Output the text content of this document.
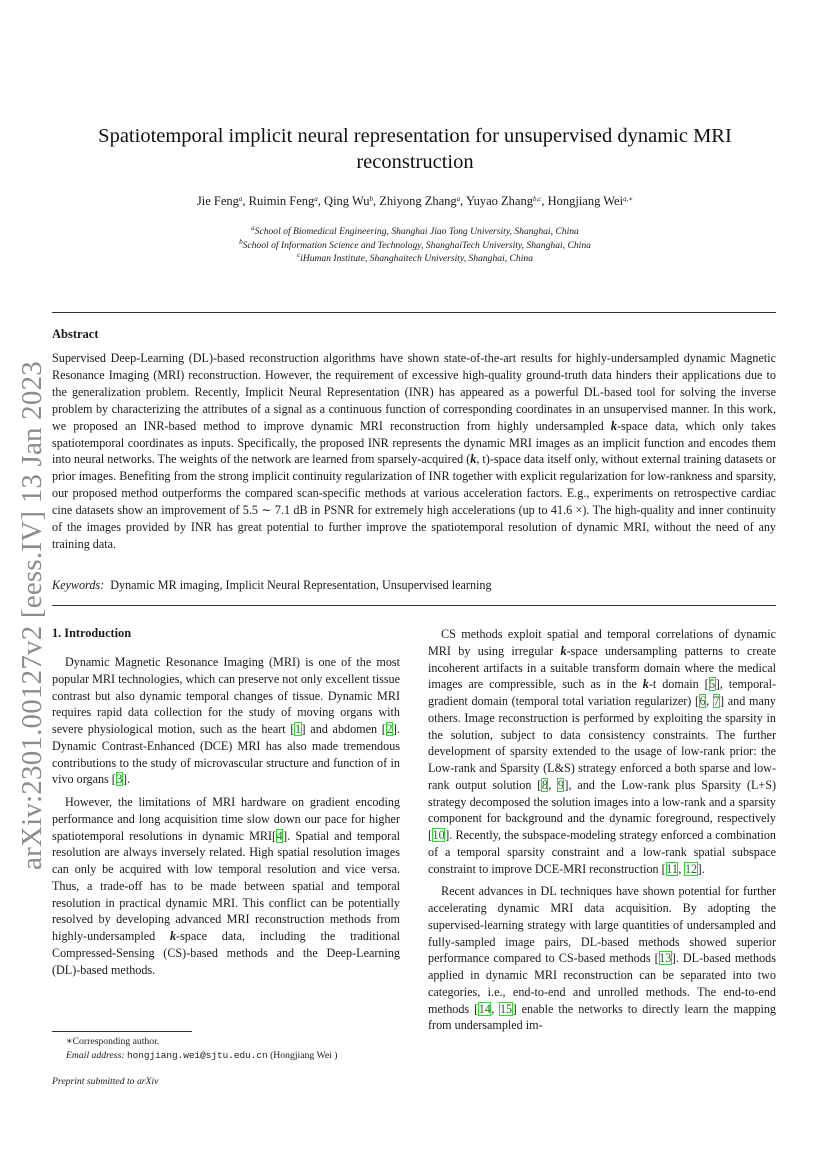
arXiv:2301.00127v2 [eess.IV] 13 Jan 2023
Spatiotemporal implicit neural representation for unsupervised dynamic MRI reconstruction
Jie Feng$^a$, Ruimin Feng$^a$, Qing Wu$^b$, Zhiyong Zhang$^a$, Yuyao Zhang$^{b,c}$, Hongjiang Wei$^{a,∗}$
$^a$School of Biomedical Engineering, Shanghai Jiao Tong University, Shanghai, China
$^b$School of Information Science and Technology, ShanghaiTech University, Shanghai, China
$^c$iHuman Institute, Shanghaitech University, Shanghai, China
Abstract
Supervised Deep-Learning (DL)-based reconstruction algorithms have shown state-of-the-art results for highly-undersampled dynamic Magnetic Resonance Imaging (MRI) reconstruction. However, the requirement of excessive high-quality ground-truth data hinders their applications due to the generalization problem. Recently, Implicit Neural Representation (INR) has appeared as a powerful DL-based tool for solving the inverse problem by characterizing the attributes of a signal as a continuous function of corresponding coordinates in an unsupervised manner. In this work, we proposed an INR-based method to improve dynamic MRI reconstruction from highly undersampled k-space data, which only takes spatiotemporal coordinates as inputs. Specifically, the proposed INR represents the dynamic MRI images as an implicit function and encodes them into neural networks. The weights of the network are learned from sparsely-acquired (k, t)-space data itself only, without external training datasets or prior images. Benefiting from the strong implicit continuity regularization of INR together with explicit regularization for low-rankness and sparsity, our proposed method outperforms the compared scan-specific methods at various acceleration factors. E.g., experiments on retrospective cardiac cine datasets show an improvement of 5.5 ∼ 7.1 dB in PSNR for extremely high accelerations (up to 41.6 ×). The high-quality and inner continuity of the images provided by INR has great potential to further improve the spatiotemporal resolution of dynamic MRI, without the need of any training data.
Keywords: Dynamic MR imaging, Implicit Neural Representation, Unsupervised learning
1. Introduction

Dynamic Magnetic Resonance Imaging (MRI) is one of the most popular MRI technologies, which can preserve not only excellent tissue contrast but also dynamic temporal changes of tissue. Dynamic MRI requires rapid data collection for the study of moving organs with severe physiological motion, such as the heart [1] and abdomen [2]. Dynamic Contrast-Enhanced (DCE) MRI has also made tremendous contributions to the study of microvascular structure and function of in vivo organs [3].

However, the limitations of MRI hardware on gradient encoding performance and long acquisition time slow down our pace for higher spatiotemporal resolutions in dynamic MRI[4]. Spatial and temporal resolution are always inversely related. High spatial resolution images can only be acquired with low temporal resolution and vice versa. Thus, a trade-off has to be made between spatial and temporal resolution in practical dynamic MRI. This conflict can be potentially resolved by developing advanced MRI reconstruction methods from highly-undersampled k-space data, including the traditional Compressed-Sensing (CS)-based methods and the Deep-Learning (DL)-based methods.

CS methods exploit spatial and temporal correlations of dynamic MRI by using irregular k-space undersampling patterns to create incoherent artifacts in a suitable transform domain where the medical images are compressible, such as in the k-t domain [5], temporal-gradient domain (temporal total variation regularizer) [6, 7] and many others. Image reconstruction is performed by exploiting the sparsity in the solution, subject to data consistency constraints. The further development of sparsity extended to the usage of low-rank prior: the Low-rank and Sparsity (L&S) strategy enforced a both sparse and low-rank output solution [8, 9], and the Low-rank plus Sparsity (L+S) strategy decomposed the solution images into a low-rank and a sparsity component for background and the dynamic foreground, respectively [10]. Recently, the subspace-modeling strategy enforced a combination of a temporal sparsity constraint and a low-rank spatial subspace constraint to improve DCE-MRI reconstruction [11, 12].

Recent advances in DL techniques have shown potential for further accelerating dynamic MRI data acquisition. By adopting the supervised-learning strategy with large quantities of undersampled and fully-sampled image pairs, DL-based methods showed superior performance compared to CS-based methods [13]. DL-based methods applied in dynamic MRI reconstruction can be separated into two categories, i.e., end-to-end and unrolled methods. The end-to-end methods [14, 15] enable the networks to directly learn the mapping from undersampled im-

∗Corresponding author.
Email address: hongjiang.wei@sjtu.edu.cn (Hongjiang Wei )
Preprint submitted to arXiv
